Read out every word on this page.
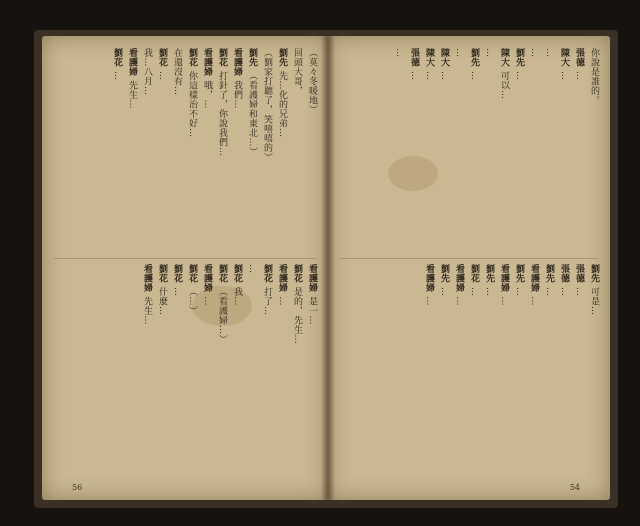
（莫々冬暖地）
回頭大哥，
劉先先…化的兄弟…
（劉家打聽了，笑嘻嘻的）
劉先（看護婦和東北…）
看護婦我們…
劉花打針了，你說我們…
看護婦哦，…
劉花你這樣治不好…
在還沒有…
劉花…
我…八月…
看護婦先生…
劉花…
看護婦是一…
劉花是的，先生…
看護婦…
劉花打了…
…
劉花我…
劉花（看護婦…）
看護婦…
劉花（…）
劉花…
劉花什麼…
看護婦先生…
56
你說是誰的。
張德…
陳大…
…
…
劉先…
陳大可以…
…
劉先…
…
陳大…
陳大…
張德…
…
劉先可是…
張德…
張德…
劉先…
看護婦…
劉先…
看護婦…
劉先…
劉花…
看護婦…
劉先…
看護婦…
54
